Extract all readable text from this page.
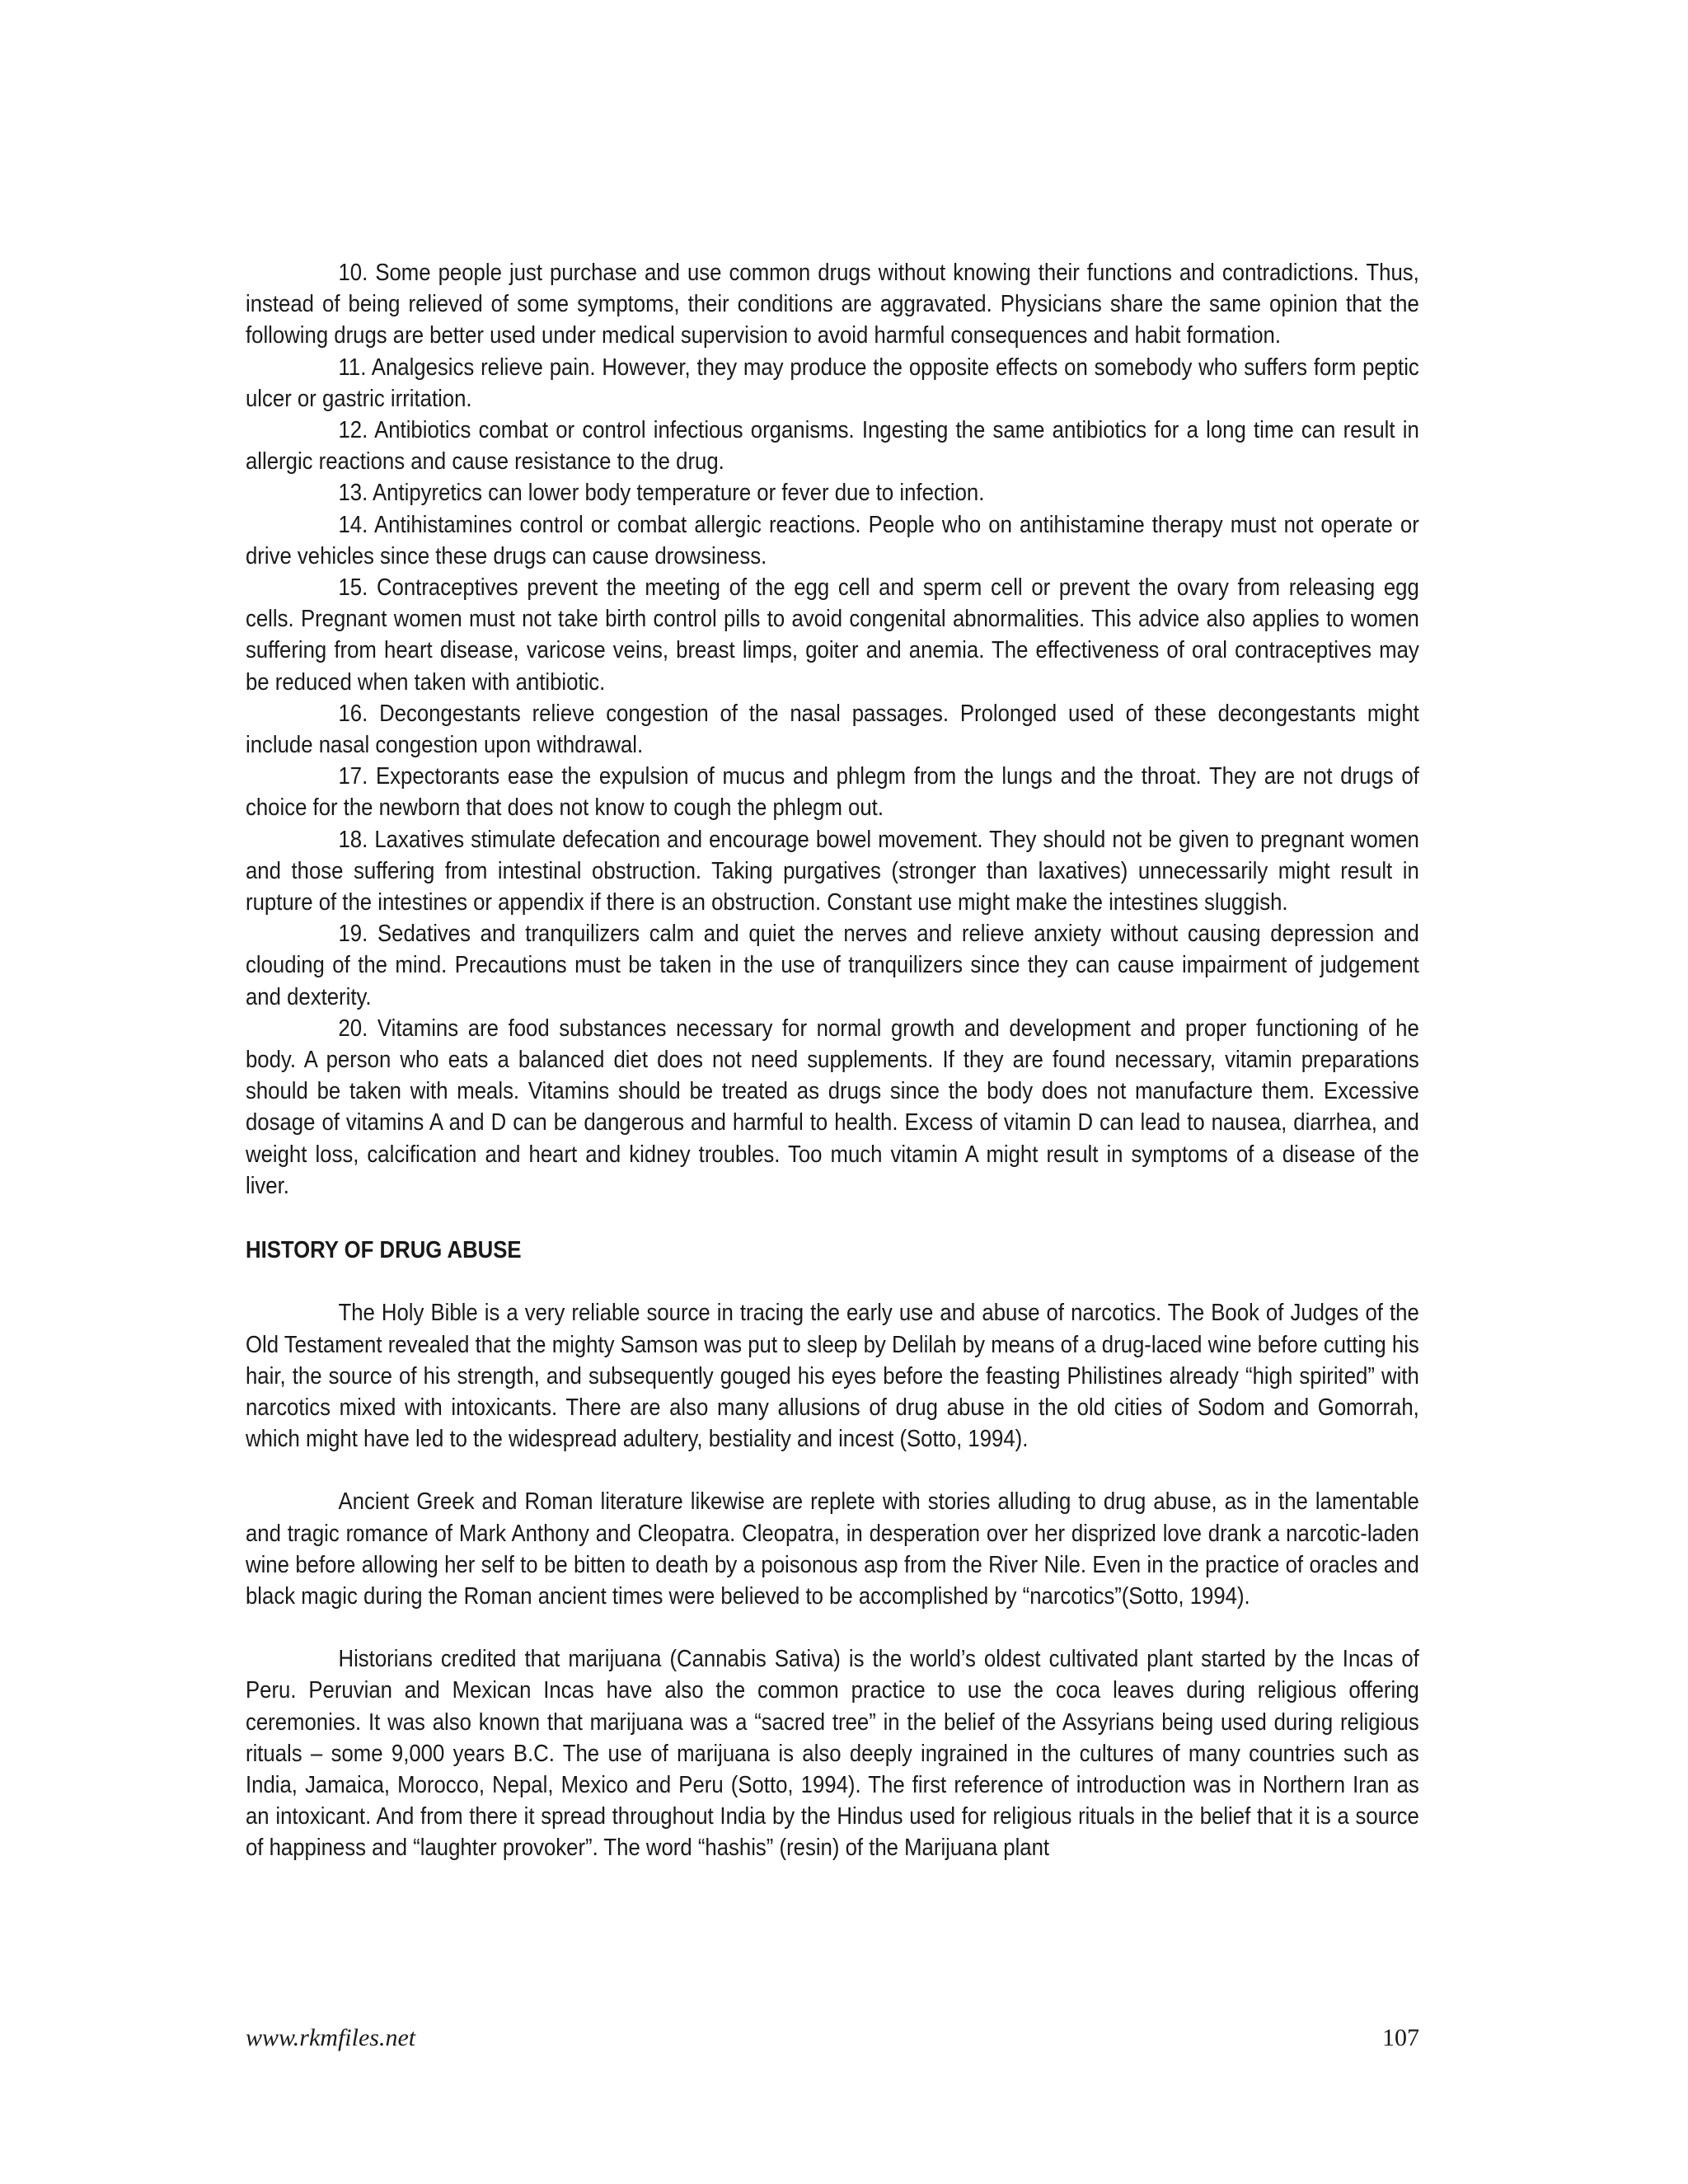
10. Some people just purchase and use common drugs without knowing their functions and contradictions. Thus, instead of being relieved of some symptoms, their conditions are aggravated. Physicians share the same opinion that the following drugs are better used under medical supervision to avoid harmful consequences and habit formation.

11. Analgesics relieve pain. However, they may produce the opposite effects on somebody who suffers form peptic ulcer or gastric irritation.

12. Antibiotics combat or control infectious organisms. Ingesting the same antibiotics for a long time can result in allergic reactions and cause resistance to the drug.

13. Antipyretics can lower body temperature or fever due to infection.

14. Antihistamines control or combat allergic reactions. People who on antihistamine therapy must not operate or drive vehicles since these drugs can cause drowsiness.

15. Contraceptives prevent the meeting of the egg cell and sperm cell or prevent the ovary from releasing egg cells. Pregnant women must not take birth control pills to avoid congenital abnormalities. This advice also applies to women suffering from heart disease, varicose veins, breast limps, goiter and anemia. The effectiveness of oral contraceptives may be reduced when taken with antibiotic.

16. Decongestants relieve congestion of the nasal passages. Prolonged used of these decongestants might include nasal congestion upon withdrawal.

17. Expectorants ease the expulsion of mucus and phlegm from the lungs and the throat. They are not drugs of choice for the newborn that does not know to cough the phlegm out.

18. Laxatives stimulate defecation and encourage bowel movement. They should not be given to pregnant women and those suffering from intestinal obstruction. Taking purgatives (stronger than laxatives) unnecessarily might result in rupture of the intestines or appendix if there is an obstruction. Constant use might make the intestines sluggish.

19. Sedatives and tranquilizers calm and quiet the nerves and relieve anxiety without causing depression and clouding of the mind. Precautions must be taken in the use of tranquilizers since they can cause impairment of judgement and dexterity.

20. Vitamins are food substances necessary for normal growth and development and proper functioning of he body. A person who eats a balanced diet does not need supplements. If they are found necessary, vitamin preparations should be taken with meals. Vitamins should be treated as drugs since the body does not manufacture them. Excessive dosage of vitamins A and D can be dangerous and harmful to health. Excess of vitamin D can lead to nausea, diarrhea, and weight loss, calcification and heart and kidney troubles. Too much vitamin A might result in symptoms of a disease of the liver.

HISTORY OF DRUG ABUSE

The Holy Bible is a very reliable source in tracing the early use and abuse of narcotics. The Book of Judges of the Old Testament revealed that the mighty Samson was put to sleep by Delilah by means of a drug-laced wine before cutting his hair, the source of his strength, and subsequently gouged his eyes before the feasting Philistines already “high spirited” with narcotics mixed with intoxicants. There are also many allusions of drug abuse in the old cities of Sodom and Gomorrah, which might have led to the widespread adultery, bestiality and incest (Sotto, 1994).

Ancient Greek and Roman literature likewise are replete with stories alluding to drug abuse, as in the lamentable and tragic romance of Mark Anthony and Cleopatra. Cleopatra, in desperation over her disprized love drank a narcotic-laden wine before allowing her self to be bitten to death by a poisonous asp from the River Nile. Even in the practice of oracles and black magic during the Roman ancient times were believed to be accomplished by “narcotics”(Sotto, 1994).

Historians credited that marijuana (Cannabis Sativa) is the world’s oldest cultivated plant started by the Incas of Peru. Peruvian and Mexican Incas have also the common practice to use the coca leaves during religious offering ceremonies. It was also known that marijuana was a “sacred tree” in the belief of the Assyrians being used during religious rituals – some 9,000 years B.C. The use of marijuana is also deeply ingrained in the cultures of many countries such as India, Jamaica, Morocco, Nepal, Mexico and Peru (Sotto, 1994). The first reference of introduction was in Northern Iran as an intoxicant. And from there it spread throughout India by the Hindus used for religious rituals in the belief that it is a source of happiness and “laughter provoker”. The word “hashis” (resin) of the Marijuana plant

www.rkmfiles.net	107
